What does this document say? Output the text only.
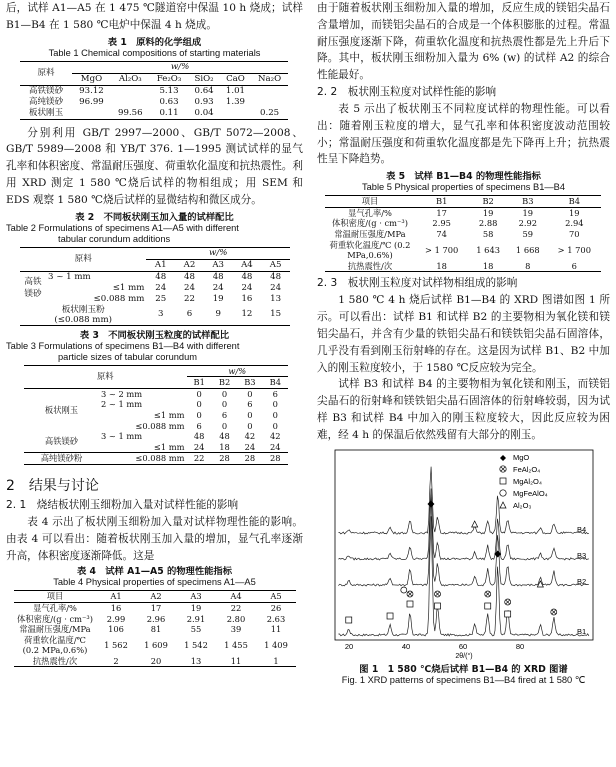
后，试样 A1—A5 在 1 475 ℃隧道窑中保温 10 h 烧成；试样 B1—B4 在 1 580 ℃电炉中保温 4 h 烧成。

表 1　原料的化学组成
Table 1 Chemical compositions of starting materials
原料	w/%					
	MgO	Al₂O₃	Fe₂O₃	SiO₂	CaO	Na₂O
高铁镁砂	93.12		5.13	0.64	1.01	
高纯镁砂	96.99		0.63	0.93	1.39	
板状刚玉		99.56	0.11	0.04		0.25

分别利用 GB/T 2997—2000、GB/T 5072—2008、GB/T 5989—2008 和 YB/T 376. 1—1995 测试试样的显气孔率和体积密度、常温耐压强度、荷重软化温度和抗热震性。利用 XRD 测定 1 580 ℃烧后试样的物相组成；用 SEM 和 EDS 观察 1 580 ℃烧后试样的显微结构和微区成分。

表 2　不同板状刚玉加入量的试样配比
Table 2 Formulations of specimens A1—A5 with different
tabular corundum additions
原料		w/%				
		A1	A2	A3	A4	A5
高铁镁砂	3 ~ 1 mm	48	48	48	48	48
	≤1 mm	24	24	24	24	24
	≤0.088 mm	25	22	19	16	13

板状刚玉粉
(≤0.088 mm)		3	6	9	12	15
表 3　不同板状刚玉粒度的试样配比
Table 3 Formulations of specimens B1—B4 with different
particle sizes of tabular corundum
原料		w/%			
		B1	B2	B3	B4
板状刚玉	3 ~ 2 mm	0	0	0	6
	2 ~ 1 mm	0	0	6	0
	≤1 mm	0	6	0	0
	≤0.088 mm	6	0	0	0
高铁镁砂	3 ~ 1 mm	48	48	42	42
	≤1 mm	24	18	24	24
高纯镁砂粉	≤0.088 mm	22	28	28	28
2　结果与讨论
2. 1　烧结板状刚玉细粉加入量对试样性能的影响

表 4 示出了板状刚玉细粉加入量对试样物理性能的影响。由表 4 可以看出：随着板状刚玉加入量的增加，显气孔率逐渐升高，体积密度逐渐降低。这是

表 4　试样 A1—A5 的物理性能指标
Table 4 Physical properties of specimens A1—A5
项目	A1	A2	A3	A4	A5
显气孔率/%	16	17	19	22	26
体积密度/(g · cm⁻³)	2.99	2.96	2.91	2.80	2.63
常温耐压强度/MPa	106	81	55	39	11
荷重软化温度/℃ (0.2 MPa,0.6%)	1 562	1 609	1 542	1 455	1 409
抗热震性/次	2	20	13	11	1

由于随着板状刚玉细粉加入量的增加，反应生成的镁铝尖晶石含量增加，而镁铝尖晶石的合成是一个体积膨胀的过程。常温耐压强度逐渐下降，荷重软化温度和抗热震性都是先上升后下降。其中，板状刚玉细粉加入量为 6% (w) 的试样 A2 的综合性能最好。

2. 2　板状刚玉粒度对试样性能的影响

表 5 示出了板状刚玉不同粒度试样的物理性能。可以看出：随着刚玉粒度的增大，显气孔率和体积密度波动范围较小；常温耐压强度和荷重软化温度都是先下降再上升；抗热震性呈下降趋势。

表 5　试样 B1—B4 的物理性能指标
Table 5 Physical properties of specimens B1—B4
项目	B1	B2	B3	B4
显气孔率/%	17	19	19	19
体积密度/(g · cm⁻³)	2.95	2.88	2.92	2.94
常温耐压强度/MPa	74	58	59	70
荷重软化温度/℃ (0.2 MPa,0.6%)	> 1 700	1 643	1 668	> 1 700
抗热震性/次	18	18	8	6
2. 3　板状刚玉粒度对试样物相组成的影响

1 580 ℃ 4 h 烧后试样 B1—B4 的 XRD 图谱如图 1 所示。可以看出：试样 B1 和试样 B2 的主要物相为氧化镁和镁铝尖晶石，并含有少量的铁铝尖晶石和镁铁铝尖晶石固溶体，几乎没有看到刚玉衍射峰的存在。这是因为试样 B1、B2 中加入的刚玉粒度较小，于 1580 ℃反应较为完全。

试样 B3 和试样 B4 的主要物相为氧化镁和刚玉，而镁铝尖晶石的衍射峰和镁铁铝尖晶石固溶体的衍射峰较弱，因为试样 B3 和试样 B4 中加入的刚玉粒度较大，因此反应较为困难，经 4 h 的保温后依然残留有大部分的刚玉。

MgO
FeAl₂O₄
MgAl₂O₄
MgFeAlO₄
Al₂O₃
B4
B3
B2
B1
20	40	60	80
2θ/(°)
图 1　1 580 ℃烧后试样 B1—B4 的 XRD 图谱
Fig. 1 XRD patterns of specimens B1—B4 fired at 1 580 ℃
